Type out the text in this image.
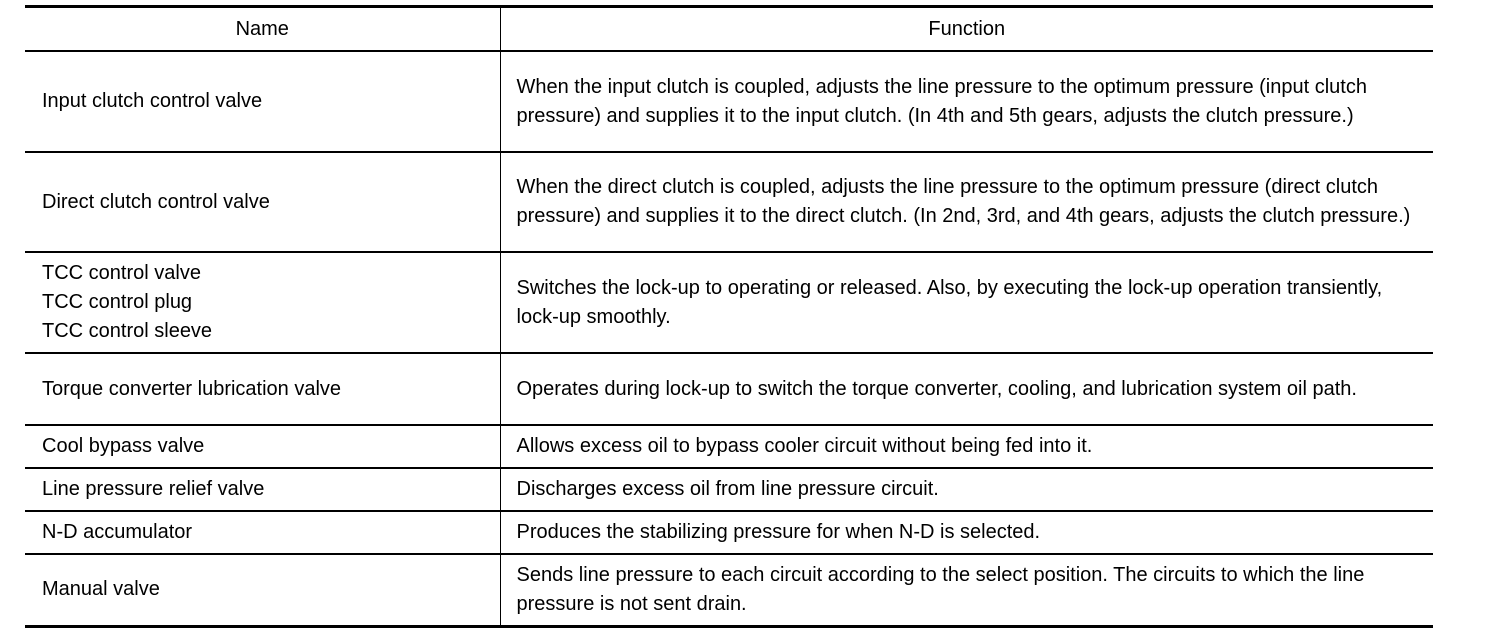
Name	Function

Input clutch control valve	When the input clutch is coupled, adjusts the line pressure to the optimum pressure (input clutch pressure) and supplies it to the input clutch. (In 4th and 5th gears, adjusts the clutch pressure.)

Direct clutch control valve	When the direct clutch is coupled, adjusts the line pressure to the optimum pressure (direct clutch pressure) and supplies it to the direct clutch. (In 2nd, 3rd, and 4th gears, adjusts the clutch pressure.)

TCC control valve
TCC control plug
TCC control sleeve	Switches the lock-up to operating or released. Also, by executing the lock-up operation transiently, lock-up smoothly.

Torque converter lubrication valve	Operates during lock-up to switch the torque converter, cooling, and lubrication system oil path.

Cool bypass valve	Allows excess oil to bypass cooler circuit without being fed into it.

Line pressure relief valve	Discharges excess oil from line pressure circuit.

N-D accumulator	Produces the stabilizing pressure for when N-D is selected.

Manual valve	Sends line pressure to each circuit according to the select position. The circuits to which the line pressure is not sent drain.
